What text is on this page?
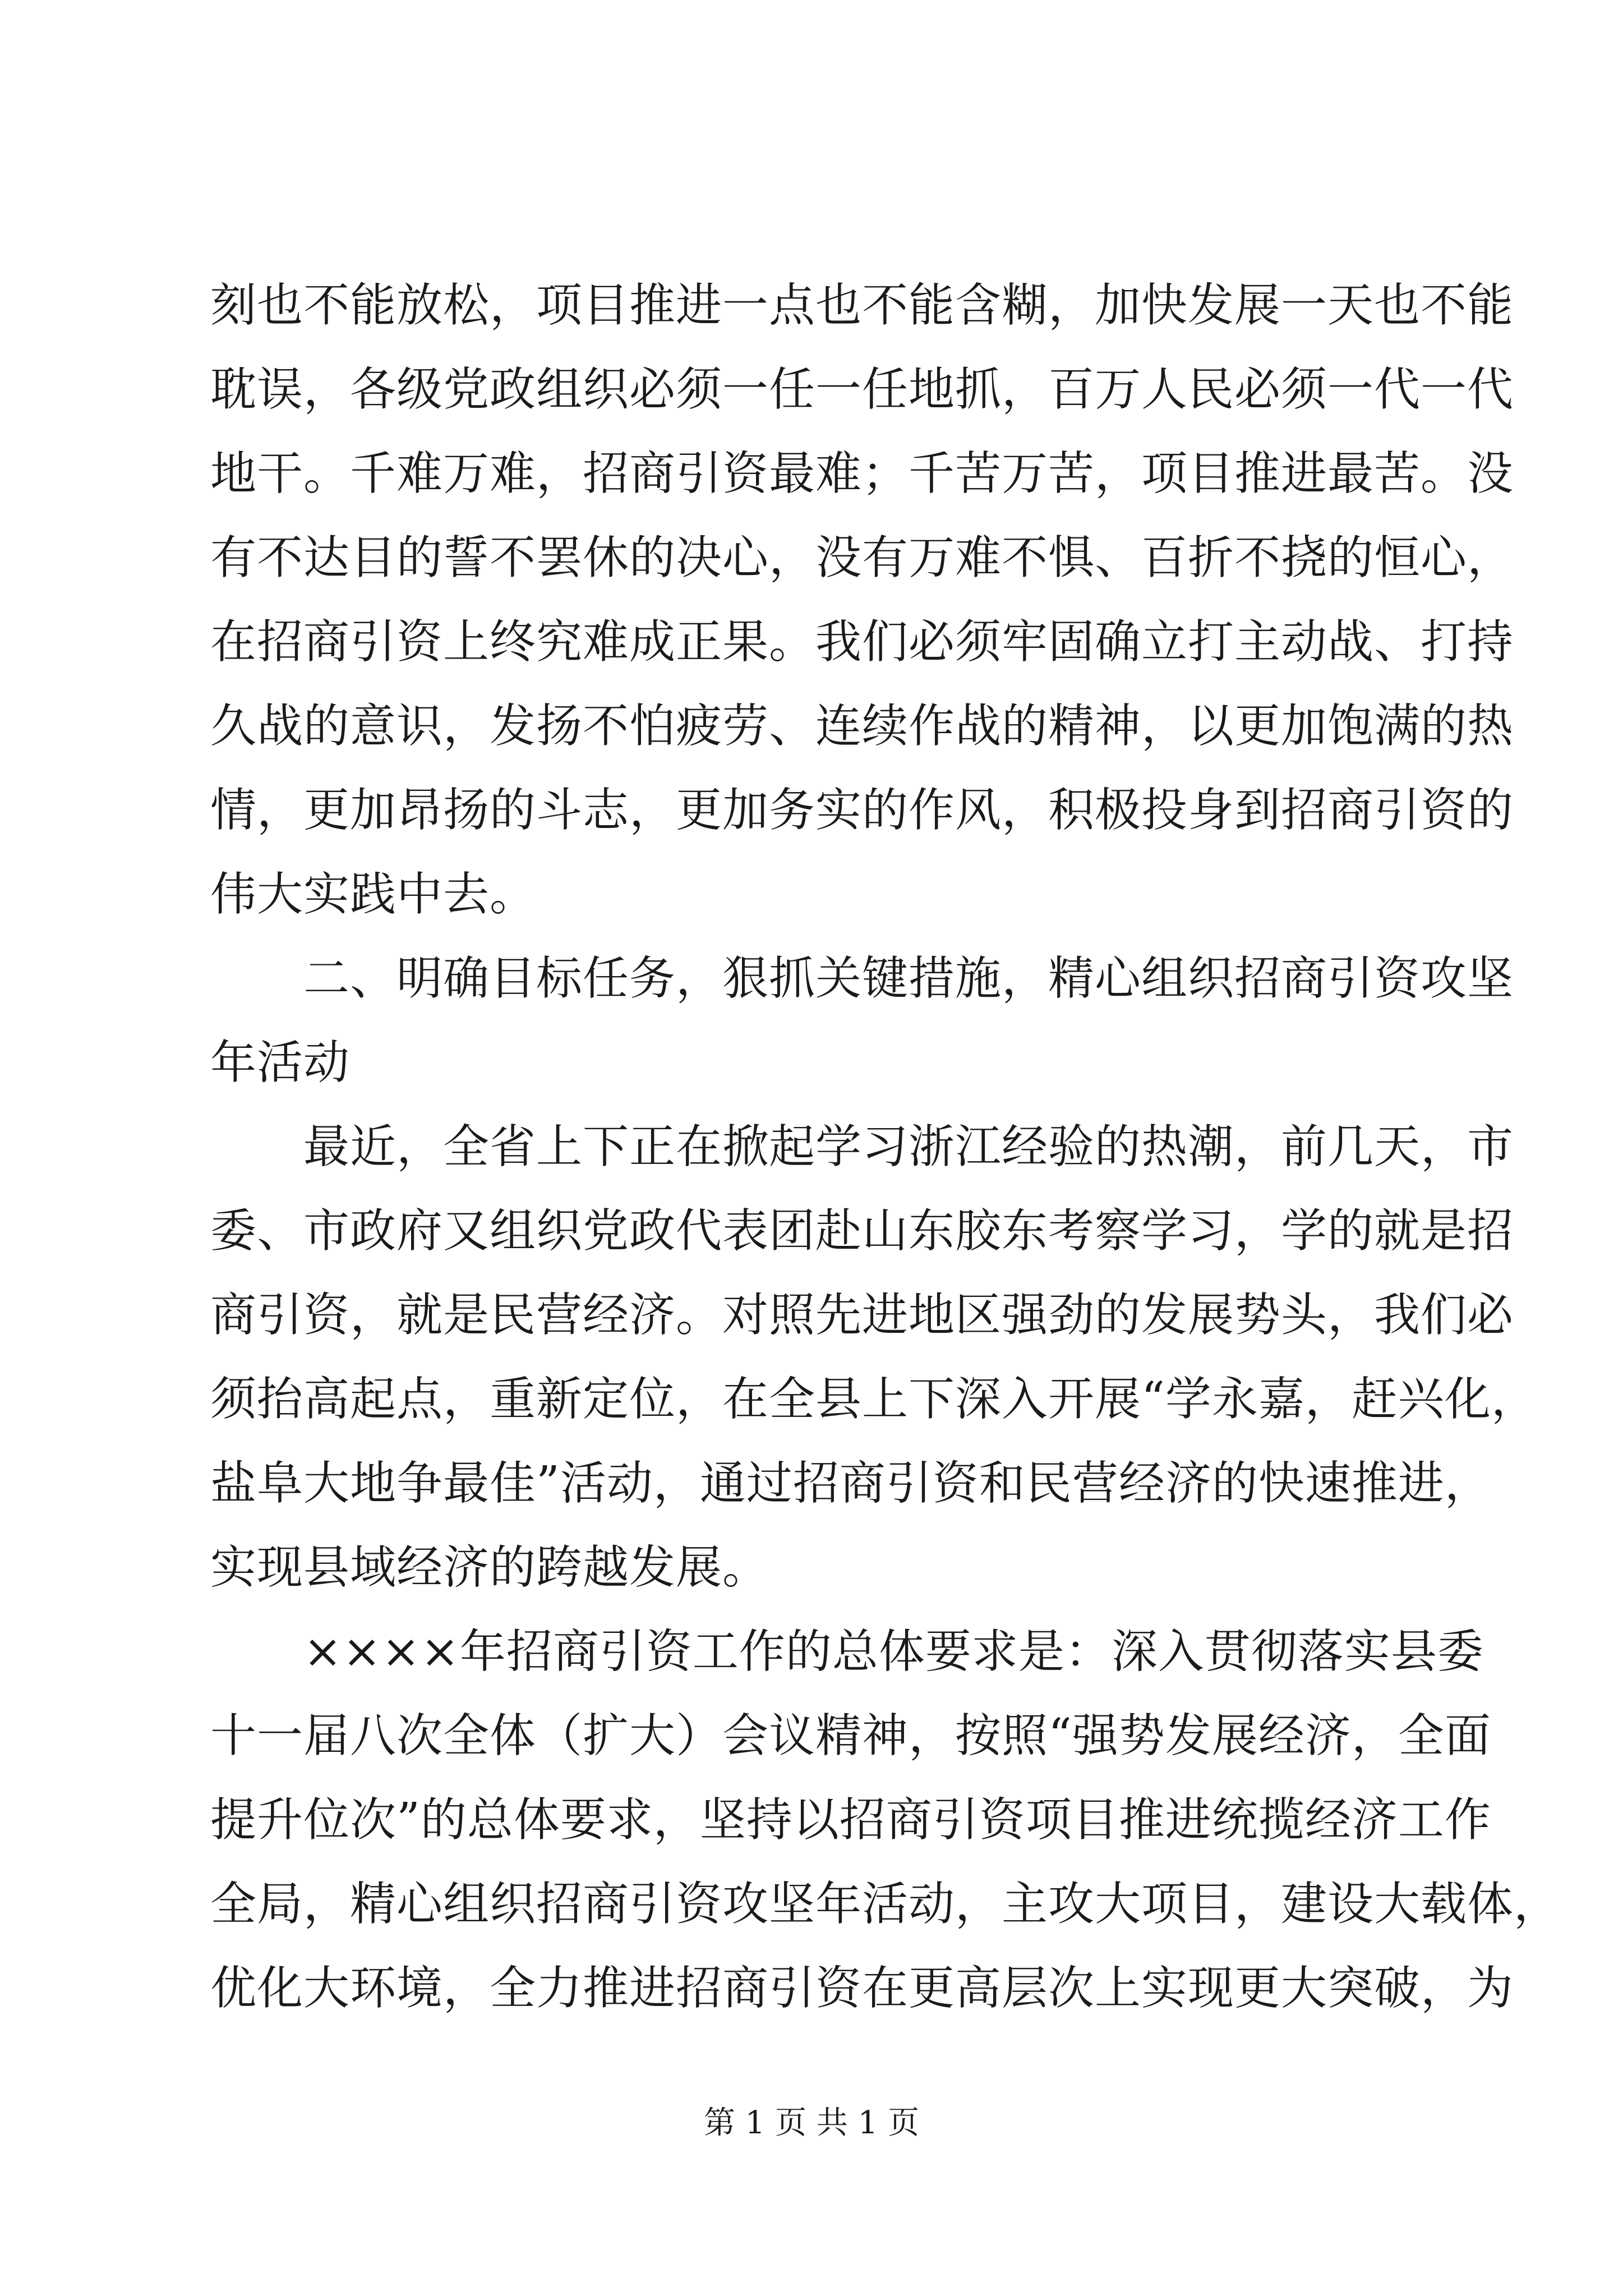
刻也不能放松，项目推进一点也不能含糊，加快发展一天也不能
耽误，各级党政组织必须一任一任地抓，百万人民必须一代一代
地干。千难万难，招商引资最难；千苦万苦，项目推进最苦。没
有不达目的誓不罢休的决心，没有万难不惧、百折不挠的恒心，
在招商引资上终究难成正果。我们必须牢固确立打主动战、打持
久战的意识，发扬不怕疲劳、连续作战的精神，以更加饱满的热
情，更加昂扬的斗志，更加务实的作风，积极投身到招商引资的
伟大实践中去。
　　二、明确目标任务，狠抓关键措施，精心组织招商引资攻坚
年活动
　　最近，全省上下正在掀起学习浙江经验的热潮，前几天，市
委、市政府又组织党政代表团赴山东胶东考察学习，学的就是招
商引资，就是民营经济。对照先进地区强劲的发展势头，我们必
须抬高起点，重新定位，在全县上下深入开展“学永嘉，赶兴化，
盐阜大地争最佳”活动，通过招商引资和民营经济的快速推进，
实现县域经济的跨越发展。
　　××××年招商引资工作的总体要求是：深入贯彻落实县委
十一届八次全体（扩大）会议精神，按照“强势发展经济，全面
提升位次”的总体要求，坚持以招商引资项目推进统揽经济工作
全局，精心组织招商引资攻坚年活动，主攻大项目，建设大载体，
优化大环境，全力推进招商引资在更高层次上实现更大突破，为
第 1 页 共 1 页
